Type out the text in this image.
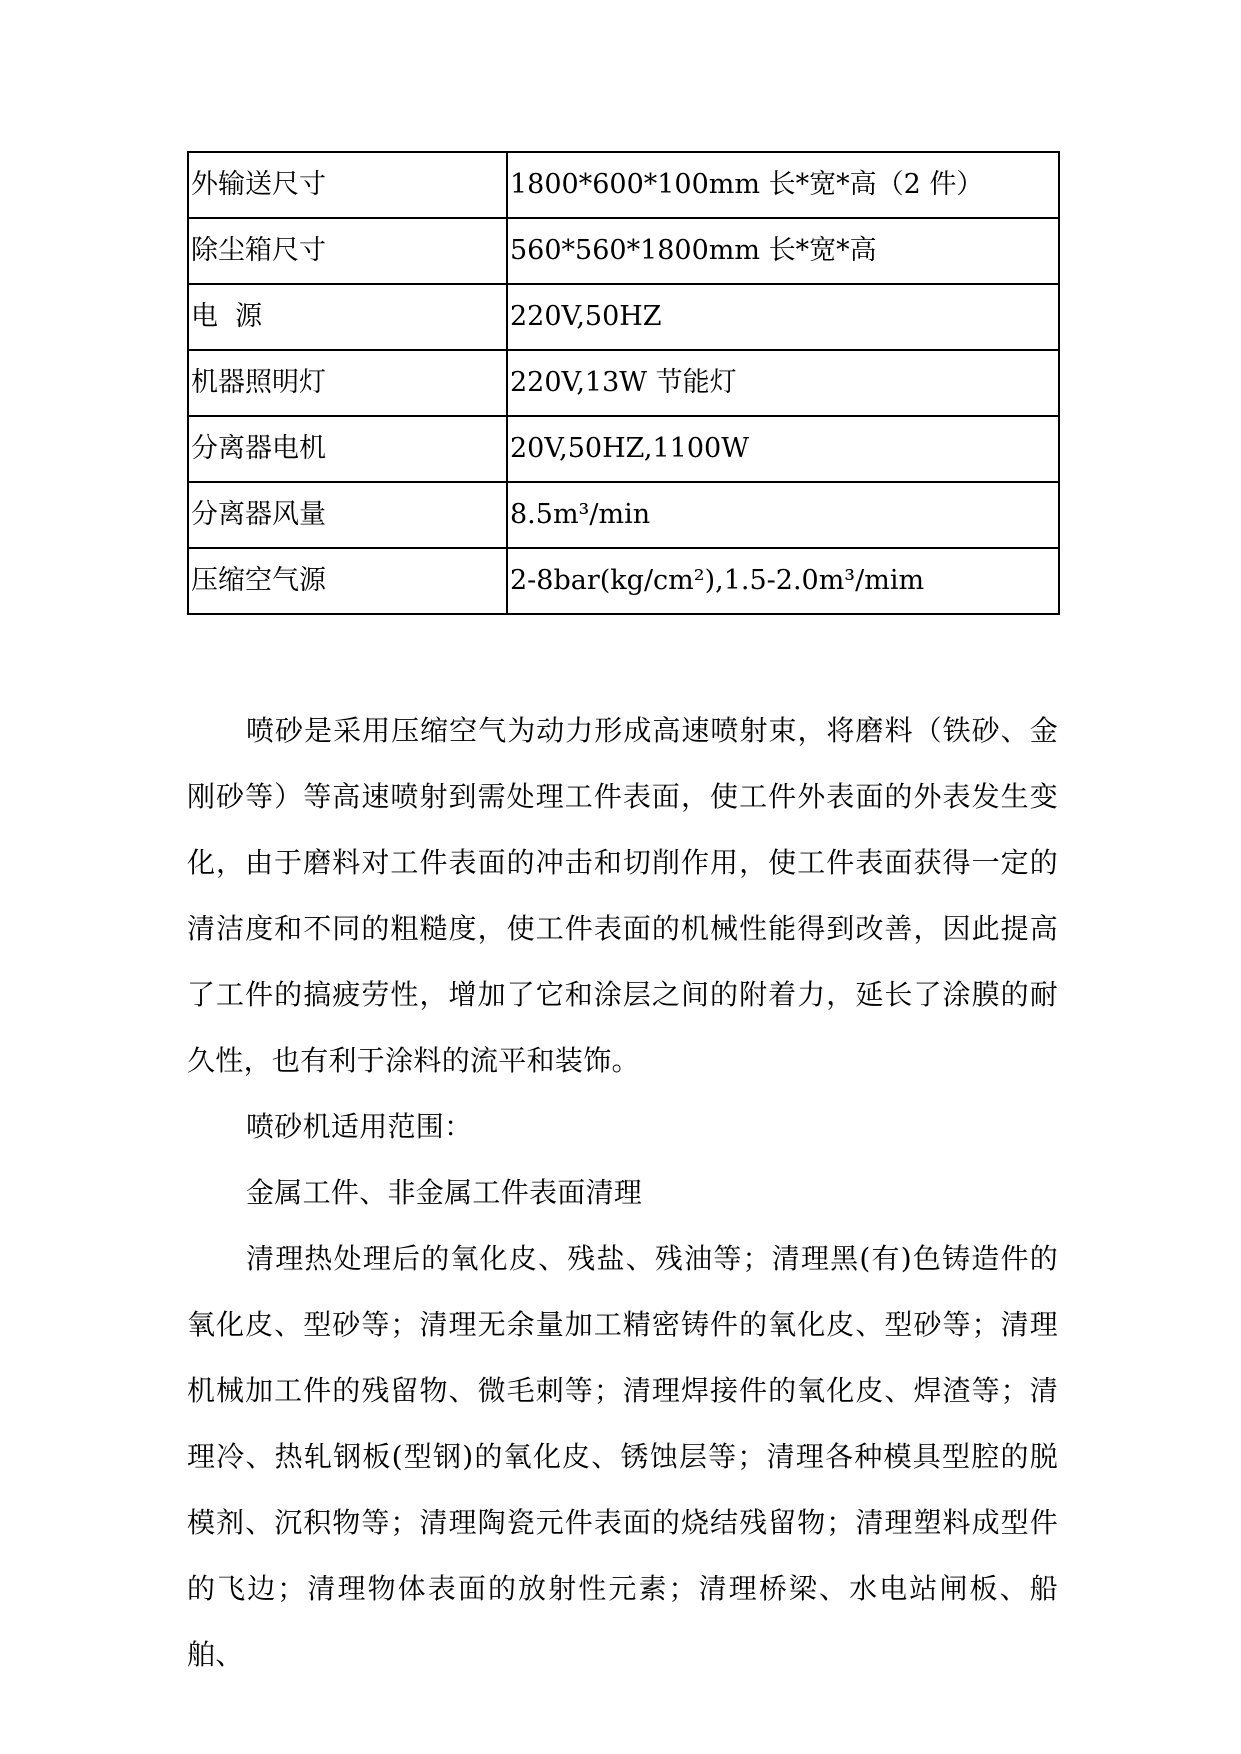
外输送尺寸	1800*600*100mm 长*宽*高（2 件）
除尘箱尺寸	560*560*1800mm 长*宽*高
电  源	220V,50HZ
机器照明灯	220V,13W 节能灯
分离器电机	20V,50HZ,1100W
分离器风量	8.5m³/min
压缩空气源	2-8bar(kg/cm²),1.5-2.0m³/mim

喷砂是采用压缩空气为动力形成高速喷射束，将磨料（铁砂、金刚砂等）等高速喷射到需处理工件表面，使工件外表面的外表发生变化，由于磨料对工件表面的冲击和切削作用，使工件表面获得一定的清洁度和不同的粗糙度，使工件表面的机械性能得到改善，因此提高了工件的搞疲劳性，增加了它和涂层之间的附着力，延长了涂膜的耐久性，也有利于涂料的流平和装饰。

喷砂机适用范围：

金属工件、非金属工件表面清理

清理热处理后的氧化皮、残盐、残油等；清理黑(有)色铸造件的氧化皮、型砂等；清理无余量加工精密铸件的氧化皮、型砂等；清理机械加工件的残留物、微毛刺等；清理焊接件的氧化皮、焊渣等；清理冷、热轧钢板(型钢)的氧化皮、锈蚀层等；清理各种模具型腔的脱模剂、沉积物等；清理陶瓷元件表面的烧结残留物；清理塑料成型件的飞边；清理物体表面的放射性元素；清理桥梁、水电站闸板、船舶、
